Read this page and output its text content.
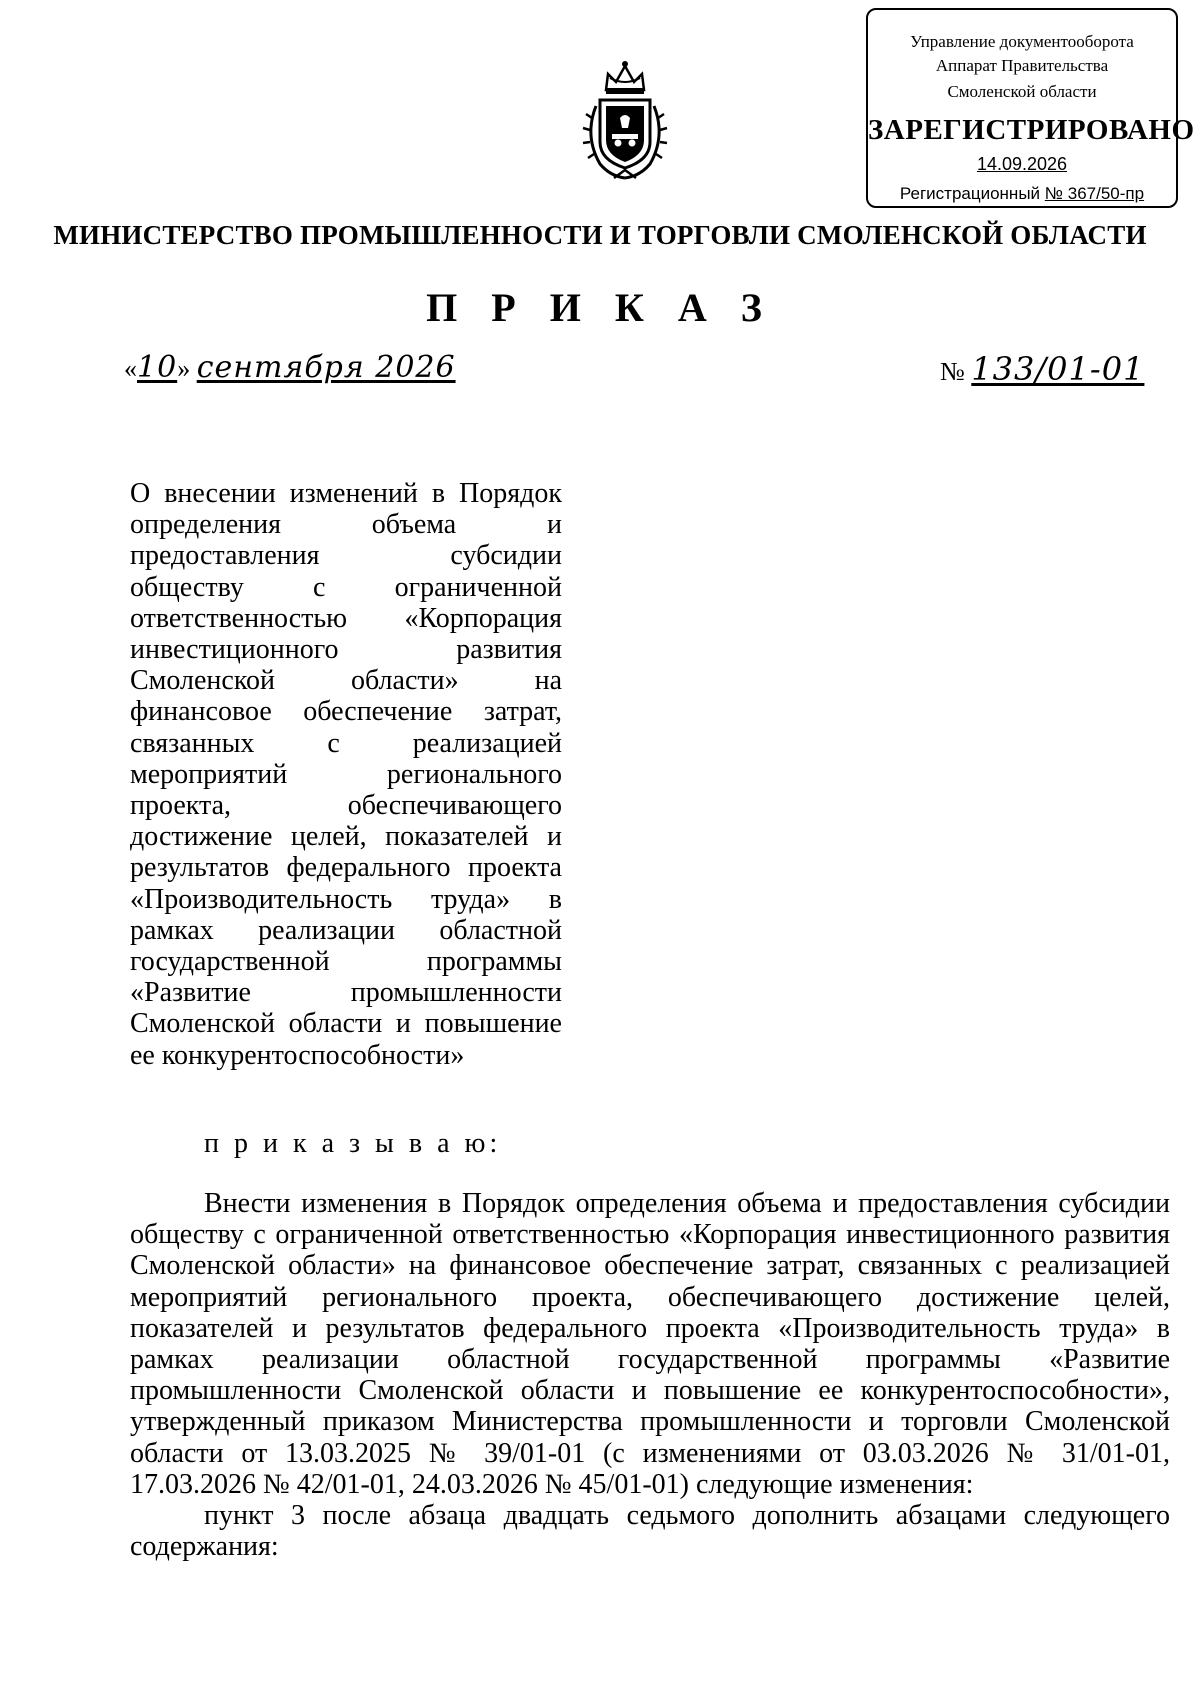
Управление документооборота
Аппарат Правительства
Смоленской области
ЗАРЕГИСТРИРОВАНО
14.09.2026
Регистрационный № 367/50-пр
МИНИСТЕРСТВО ПРОМЫШЛЕННОСТИ И ТОРГОВЛИ СМОЛЕНСКОЙ ОБЛАСТИ
П Р И К А З
«10» сентября 2026	№ 133/01-01
О внесении изменений в Порядок
определения объема и
предоставления субсидии
обществу с ограниченной
ответственностью «Корпорация
инвестиционного развития
Смоленской области» на
финансовое обеспечение затрат,
связанных с реализацией
мероприятий регионального
проекта, обеспечивающего
достижение целей, показателей и
результатов федерального проекта
«Производительность труда» в
рамках реализации областной
государственной программы
«Развитие промышленности
Смоленской области и повышение
ее конкурентоспособности»
п р и к а з ы в а ю:

Внести изменения в Порядок определения объема и предоставления субсидии обществу с ограниченной ответственностью «Корпорация инвестиционного развития Смоленской области» на финансовое обеспечение затрат, связанных с реализацией мероприятий регионального проекта, обеспечивающего достижение целей, показателей и результатов федерального проекта «Производительность труда» в рамках реализации областной государственной программы «Развитие промышленности Смоленской области и повышение ее конкурентоспособности», утвержденный приказом Министерства промышленности и торговли Смоленской области от 13.03.2025 № 39/01-01 (с изменениями от 03.03.2026 № 31/01-01, 17.03.2026 № 42/01-01, 24.03.2026 № 45/01-01) следующие изменения:

пункт 3 после абзаца двадцать седьмого дополнить абзацами следующего содержания:
